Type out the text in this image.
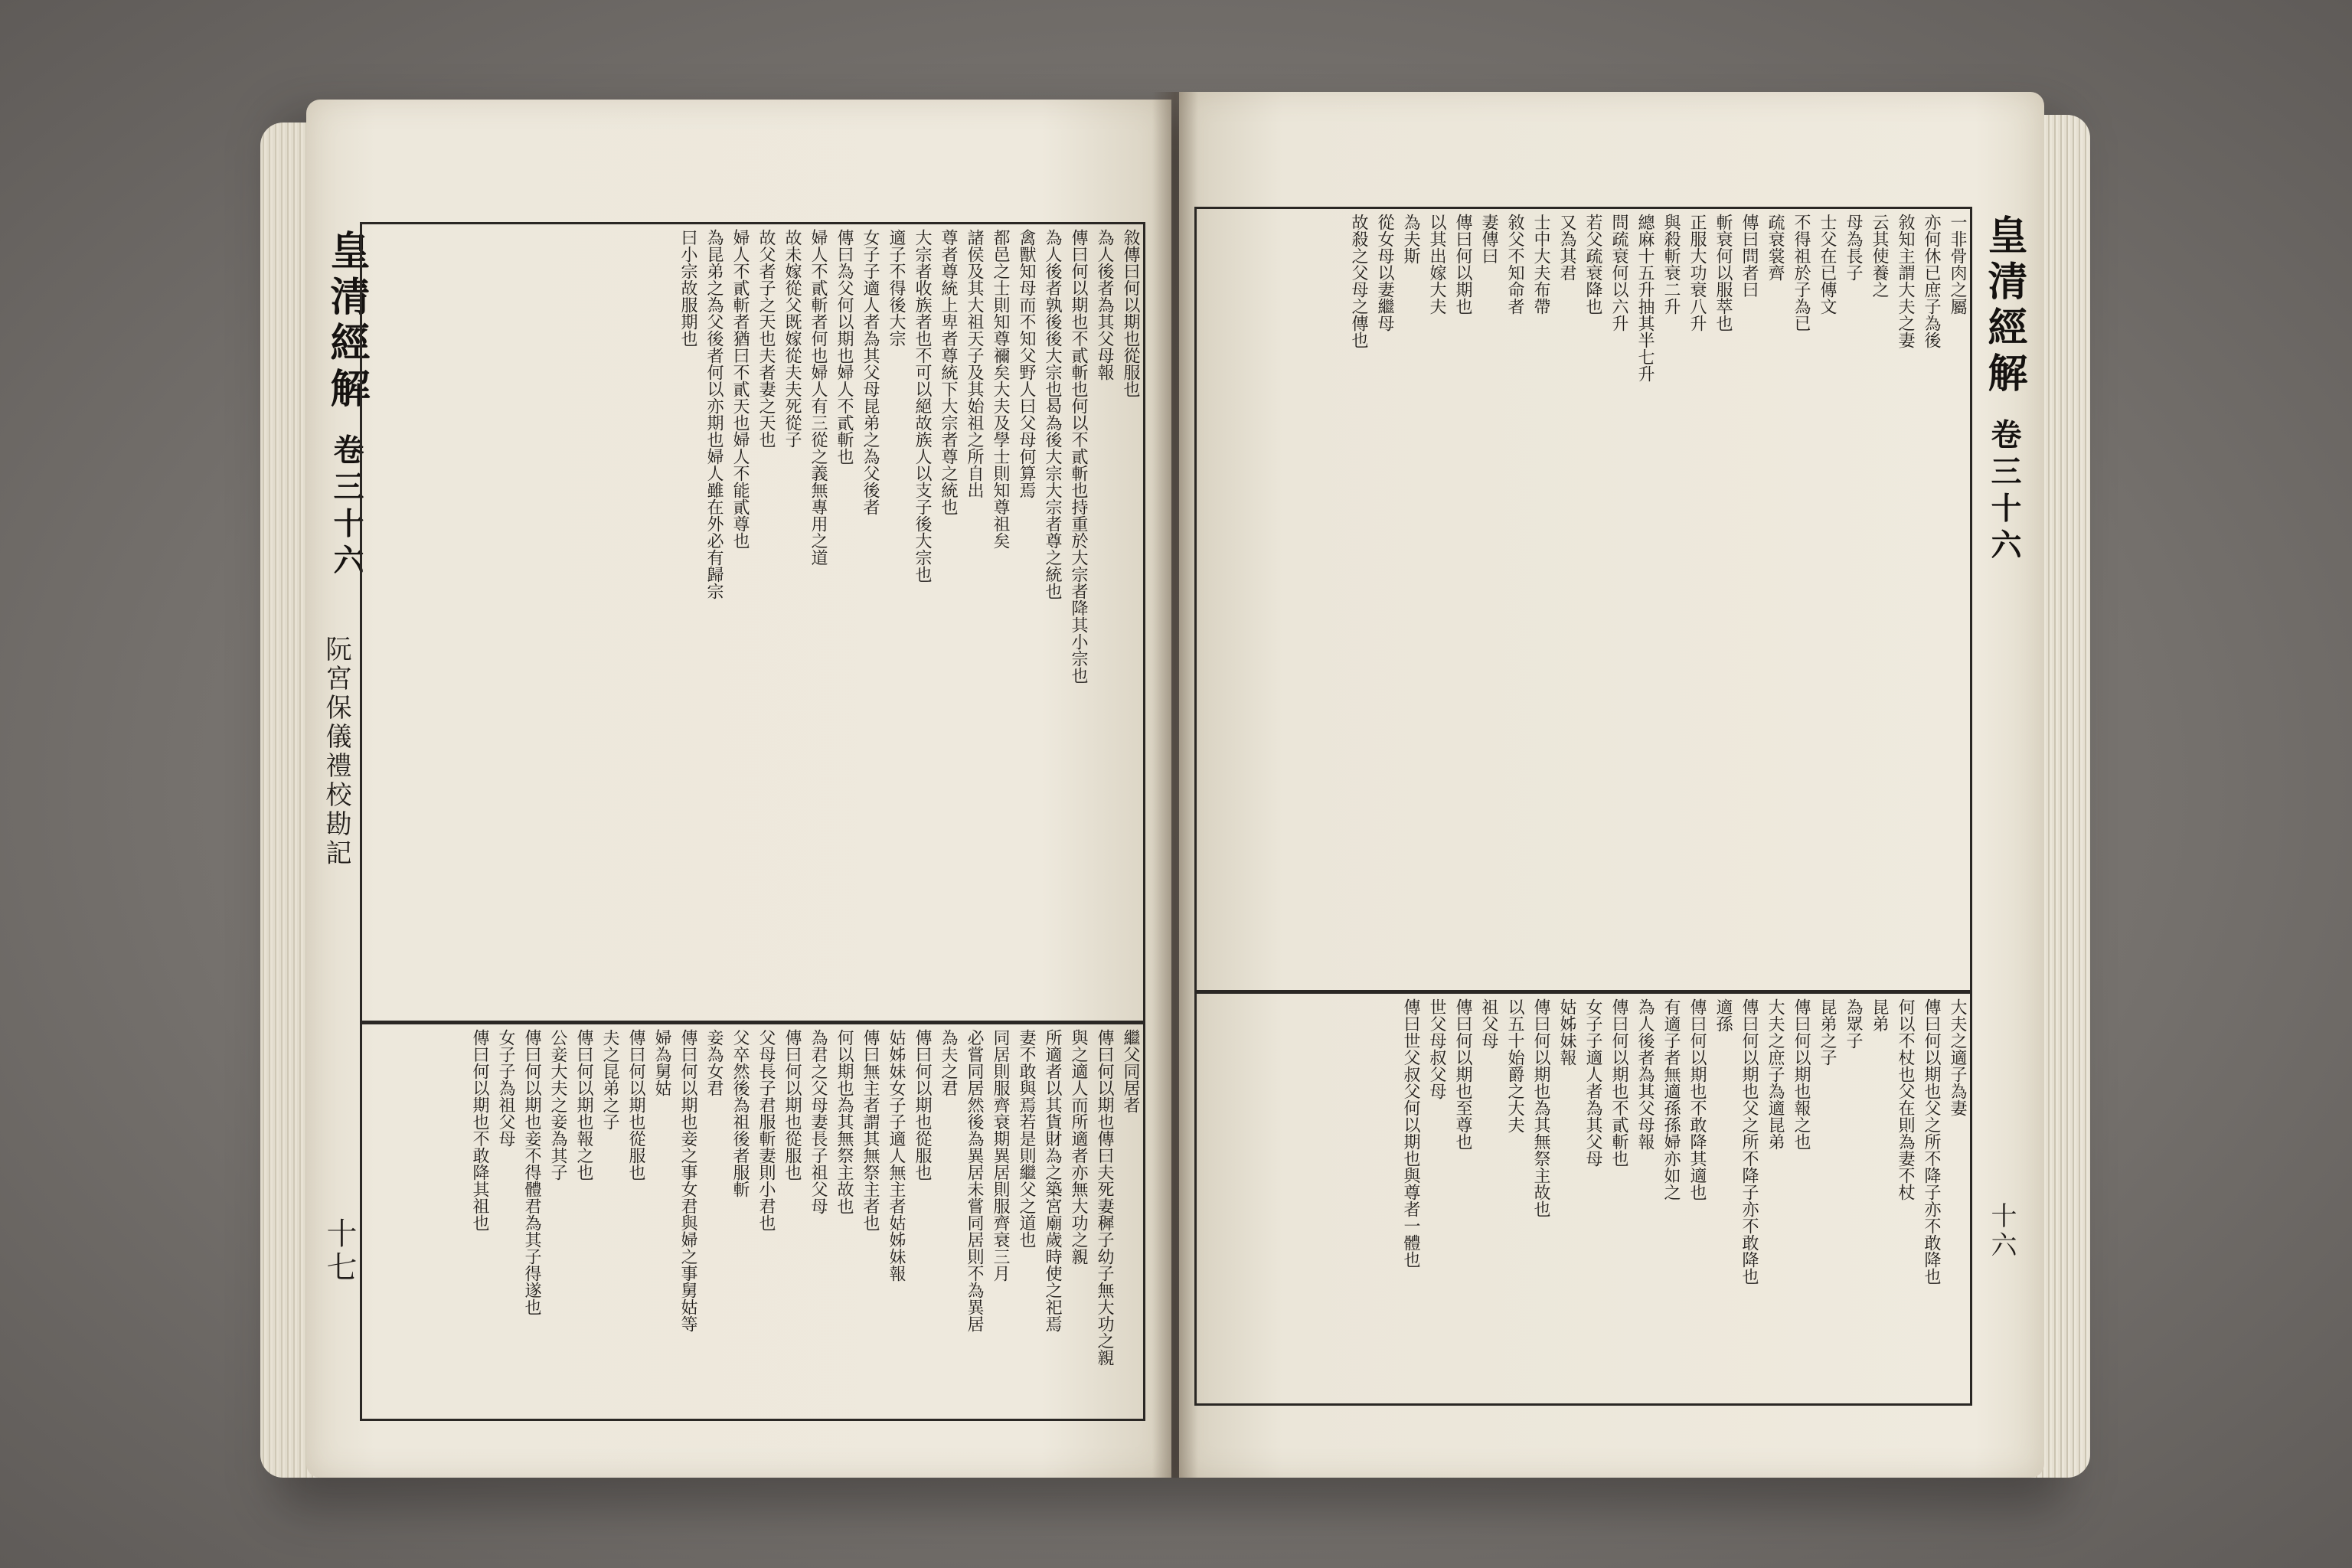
皇清經解 卷三十六
阮宮保儀禮校勘記
十七
皇清經解 卷三十六
十六
敘傳曰何以期也從服也
為人後者為其父母報
傳曰何以期也不貳斬也何以不貳斬也持重於大宗者降其小宗也
為人後者孰後後大宗也曷為後大宗大宗者尊之統也
禽獸知母而不知父野人曰父母何算焉
都邑之士則知尊禰矣大夫及學士則知尊祖矣
諸侯及其大祖天子及其始祖之所自出
尊者尊統上卑者尊統下大宗者尊之統也
大宗者收族者也不可以絕故族人以支子後大宗也
適子不得後大宗
女子子適人者為其父母昆弟之為父後者
傳曰為父何以期也婦人不貳斬也
婦人不貳斬者何也婦人有三從之義無專用之道
故未嫁從父既嫁從夫夫死從子
故父者子之天也夫者妻之天也
婦人不貳斬者猶曰不貳天也婦人不能貳尊也
為昆弟之為父後者何以亦期也婦人雖在外必有歸宗
曰小宗故服期也
繼父同居者
傳曰何以期也傳曰夫死妻穉子幼子無大功之親
與之適人而所適者亦無大功之親
所適者以其貨財為之築宮廟歲時使之祀焉
妻不敢與焉若是則繼父之道也
同居則服齊衰期異居則服齊衰三月
必嘗同居然後為異居未嘗同居則不為異居
為夫之君
傳曰何以期也從服也
姑姊妹女子子適人無主者姑姊妹報
傳曰無主者謂其無祭主者也
何以期也為其無祭主故也
為君之父母妻長子祖父母
傳曰何以期也從服也
父母長子君服斬妻則小君也
父卒然後為祖後者服斬
妾為女君
傳曰何以期也妾之事女君與婦之事舅姑等
婦為舅姑
傳曰何以期也從服也
夫之昆弟之子
傳曰何以期也報之也
公妾大夫之妾為其子
傳曰何以期也妾不得體君為其子得遂也
女子子為祖父母
傳曰何以期也不敢降其祖也
一非骨肉之屬
亦何休已庶子為後
敘知主謂大夫之妻
云其使養之
母為長子
士父在已傳文
不得祖於子為已
疏衰裳齊
傳曰問者曰
斬衰何以服萃也
正服大功衰八升
與殺斬衰二升
總麻十五升抽其半七升
問疏衰何以六升
若父疏衰降也
又為其君
士中大夫布帶
敘父不知命者
妻傳曰
傳曰何以期也
以其出嫁大夫
為夫斯
從女母以妻繼母
故殺之父母之傳也
大夫之適子為妻
傳曰何以期也父之所不降子亦不敢降也
何以不杖也父在則為妻不杖
昆弟
為眾子
昆弟之子
傳曰何以期也報之也
大夫之庶子為適昆弟
傳曰何以期也父之所不降子亦不敢降也
適孫
傳曰何以期也不敢降其適也
有適子者無適孫孫婦亦如之
為人後者為其父母報
傳曰何以期也不貳斬也
女子子適人者為其父母
姑姊妹報
傳曰何以期也為其無祭主故也
以五十始爵之大夫
祖父母
傳曰何以期也至尊也
世父母叔父母
傳曰世父叔父何以期也與尊者一體也
